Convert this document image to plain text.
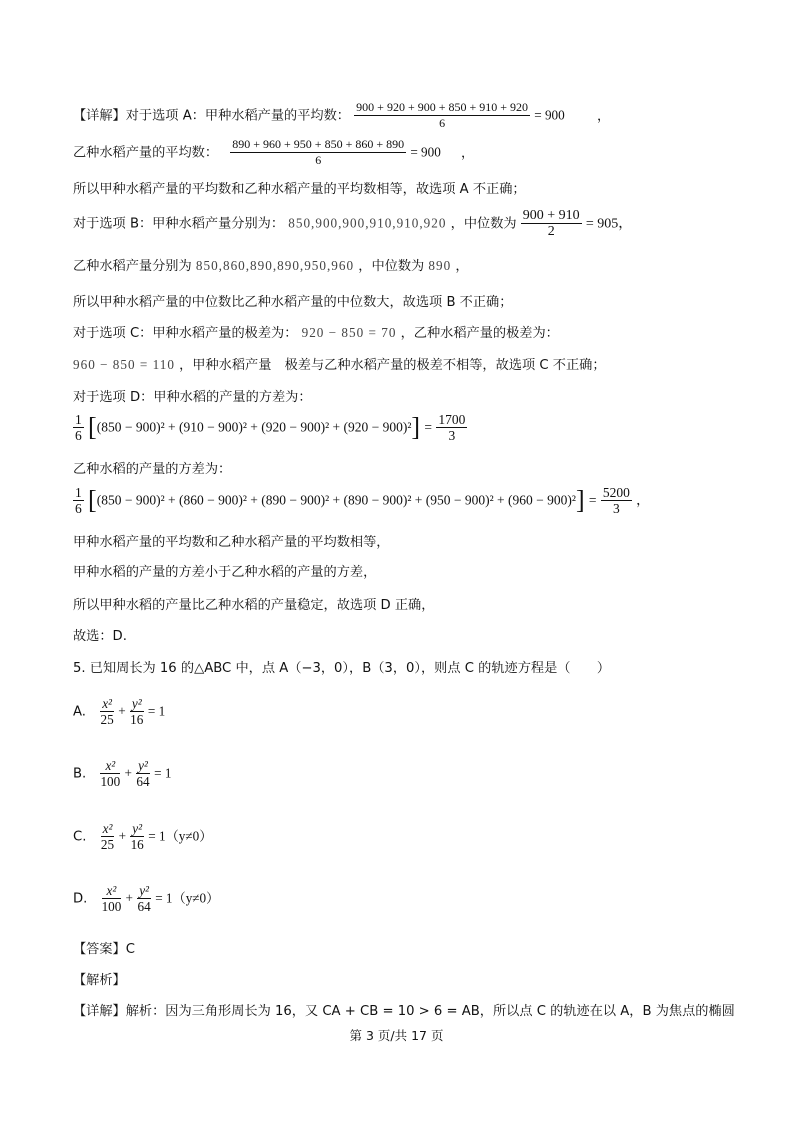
【详解】对于选项 A：甲种水稻产量的平均数： $\frac{900 + 920 + 900 + 850 + 910 + 920}{6} = 900$ ，
乙种水稻产量的平均数： $\frac{890 + 960 + 950 + 850 + 860 + 890}{6} = 900$ ，
所以甲种水稻产量的平均数和乙种水稻产量的平均数相等，故选项 A 不正确；
对于选项 B：甲种水稻产量分别为： 850,900,900,910,910,920 ，中位数为 $\frac{900 + 910}{2} = 905$，
乙种水稻产量分别为 850,860,890,890,950,960 ，中位数为 890 ，
所以甲种水稻产量的中位数比乙种水稻产量的中位数大，故选项 B 不正确；
对于选项 C：甲种水稻产量的极差为： 920 − 850 = 70 ，乙种水稻产量的极差为：
960 − 850 = 110 ，甲种水稻产量　极差与乙种水稻产量的极差不相等，故选项 C 不正确；
对于选项 D：甲种水稻的产量的方差为：
$\frac{1}{6} [(850 - 900)^2 + (910 - 900)^2 + (920 - 900)^2 + (920 - 900)^2] = \frac{1700}{3}$
乙种水稻的产量的方差为：
$\frac{1}{6} [(850 - 900)^2 + (860 - 900)^2 + (890 - 900)^2 + (890 - 900)^2 + (950 - 900)^2 + (960 - 900)^2] = \frac{5200}{3}$ ，
甲种水稻产量的平均数和乙种水稻产量的平均数相等，
甲种水稻的产量的方差小于乙种水稻的产量的方差，
所以甲种水稻的产量比乙种水稻的产量稳定，故选项 D 正确，
故选：D.
5. 已知周长为 16 的△ABC 中，点 A（−3，0），B（3，0），则点 C 的轨迹方程是（　　）
A. $\frac{\text{x²}}{25} + \frac{\text{y²}}{16} = 1$
B. $\frac{\text{x²}}{100} + \frac{\text{y²}}{64} = 1$
C. $\frac{\text{x²}}{25} + \frac{\text{y²}}{16} = 1(y\ne 0)$
D. $\frac{\text{x²}}{100} + \frac{\text{y²}}{64} = 1(y\ne 0)$
【答案】C
【解析】
【详解】解析：因为三角形周长为 16，又 CA + CB = 10 > 6 = AB，所以点 C 的轨迹在以 A，B 为焦点的椭圆
第 3 页/共 17 页
